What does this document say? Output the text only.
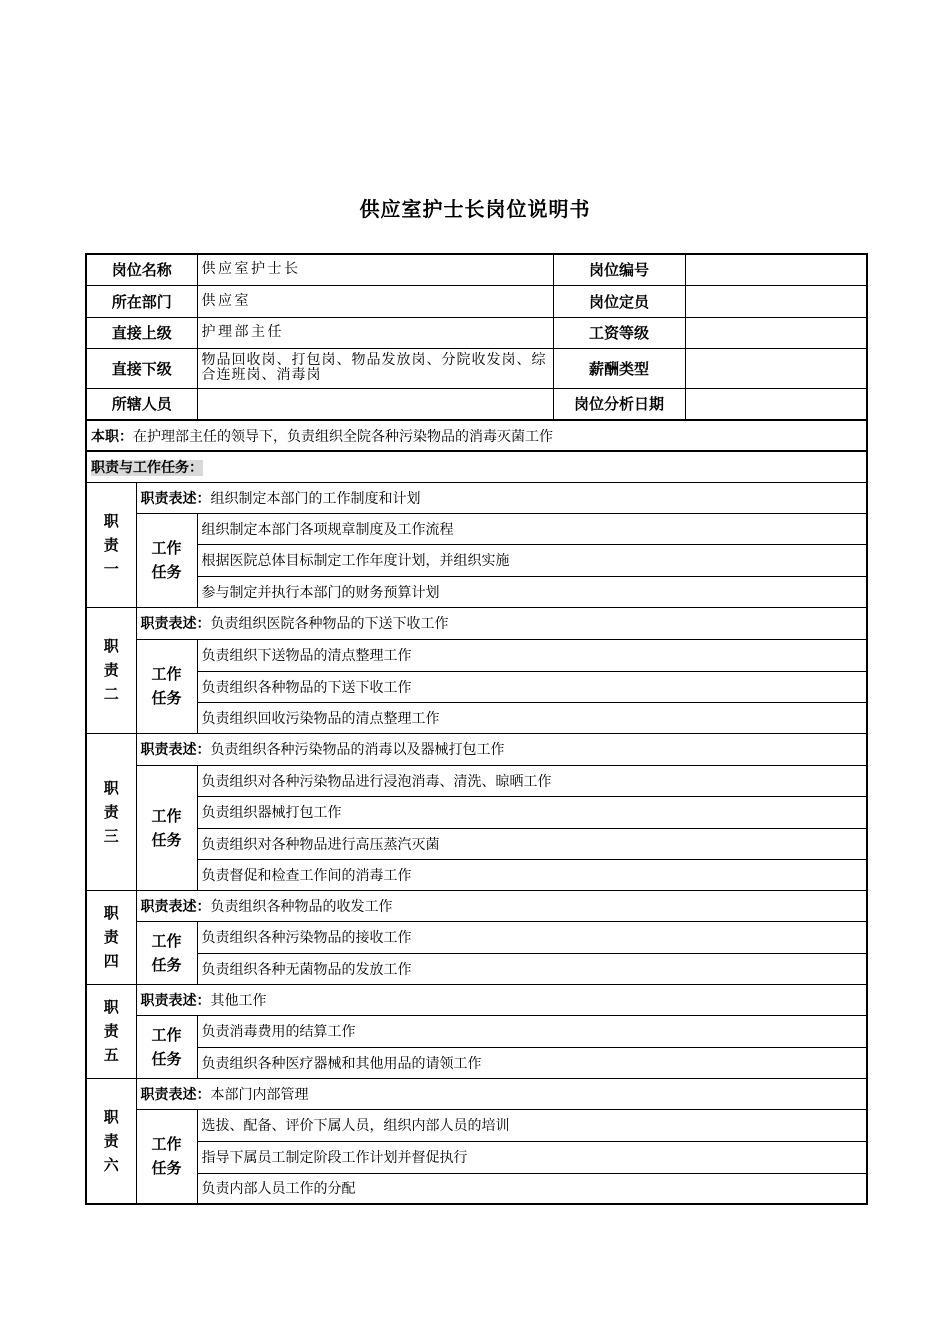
供应室护士长岗位说明书
岗位名称		供应室护士长	岗位编号	
所在部门		供应室	岗位定员	
直接上级		护理部主任	工资等级	
直接下级		物品回收岗、打包岗、物品发放岗、分院收发岗、综合连班岗、消毒岗	薪酬类型	
所辖人员			岗位分析日期	
本职：在护理部主任的领导下，负责组织全院各种污染物品的消毒灭菌工作				
职责与工作任务：				

职
责
一	职责表述：组织制定本部门的工作制度和计划			

	工作
任务	组织制定本部门各项规章制度及工作流程		
		根据医院总体目标制定工作年度计划，并组织实施		
		参与制定并执行本部门的财务预算计划		

职
责
二	职责表述：负责组织医院各种物品的下送下收工作			

	工作
任务	负责组织下送物品的清点整理工作		
		负责组织各种物品的下送下收工作		
		负责组织回收污染物品的清点整理工作		

职
责
三	职责表述：负责组织各种污染物品的消毒以及器械打包工作			

	工作
任务	负责组织对各种污染物品进行浸泡消毒、清洗、晾晒工作		
		负责组织器械打包工作		
		负责组织对各种物品进行高压蒸汽灭菌		
		负责督促和检查工作间的消毒工作		

职
责
四	职责表述：负责组织各种物品的收发工作			

	工作
任务	负责组织各种污染物品的接收工作		
		负责组织各种无菌物品的发放工作		

职
责
五	职责表述：其他工作			

	工作
任务	负责消毒费用的结算工作		
		负责组织各种医疗器械和其他用品的请领工作		

职
责
六	职责表述：本部门内部管理			

	工作
任务	选拔、配备、评价下属人员，组织内部人员的培训		
		指导下属员工制定阶段工作计划并督促执行		
		负责内部人员工作的分配		
